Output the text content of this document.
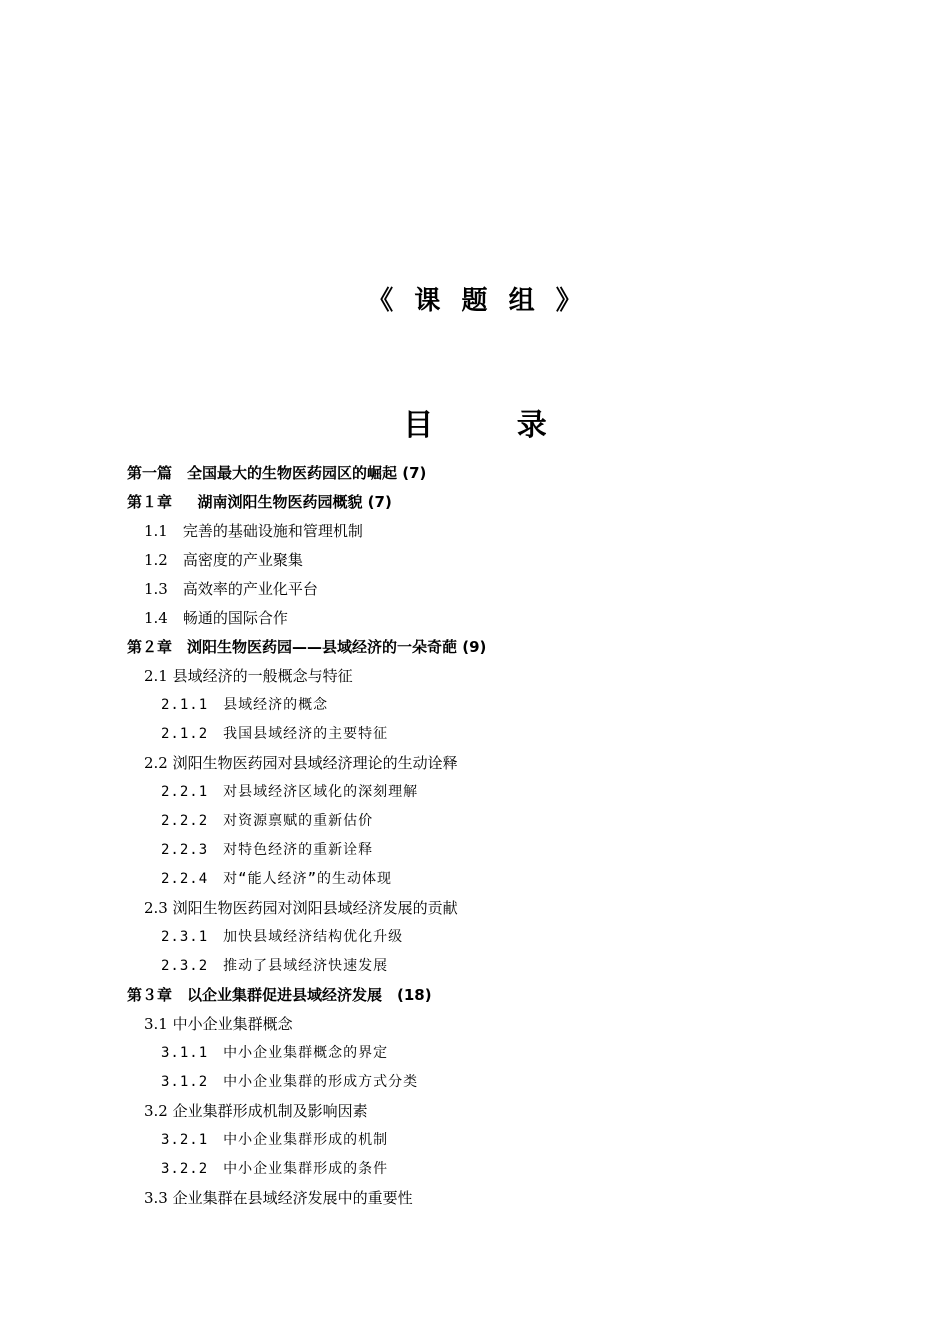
《  课  题  组  》
目        录
第一篇　全国最大的生物医药园区的崛起 (7)
第１章　  湖南浏阳生物医药园概貌 (7)
1.1　完善的基础设施和管理机制
1.2　高密度的产业聚集
1.3　高效率的产业化平台
1.4　畅通的国际合作
第２章　浏阳生物医药园——县域经济的一朵奇葩 (9)
2.1 县域经济的一般概念与特征
2.1.1　县域经济的概念
2.1.2　我国县域经济的主要特征
2.2 浏阳生物医药园对县域经济理论的生动诠释
2.2.1　对县域经济区域化的深刻理解
2.2.2　对资源禀赋的重新估价
2.2.3　对特色经济的重新诠释
2.2.4　对“能人经济”的生动体现
2.3 浏阳生物医药园对浏阳县域经济发展的贡献
2.3.1　加快县域经济结构优化升级
2.3.2　推动了县域经济快速发展
第３章　以企业集群促进县域经济发展　(18)
3.1 中小企业集群概念
3.1.1　中小企业集群概念的界定
3.1.2　中小企业集群的形成方式分类
3.2 企业集群形成机制及影响因素
3.2.1　中小企业集群形成的机制
3.2.2　中小企业集群形成的条件
3.3 企业集群在县域经济发展中的重要性
